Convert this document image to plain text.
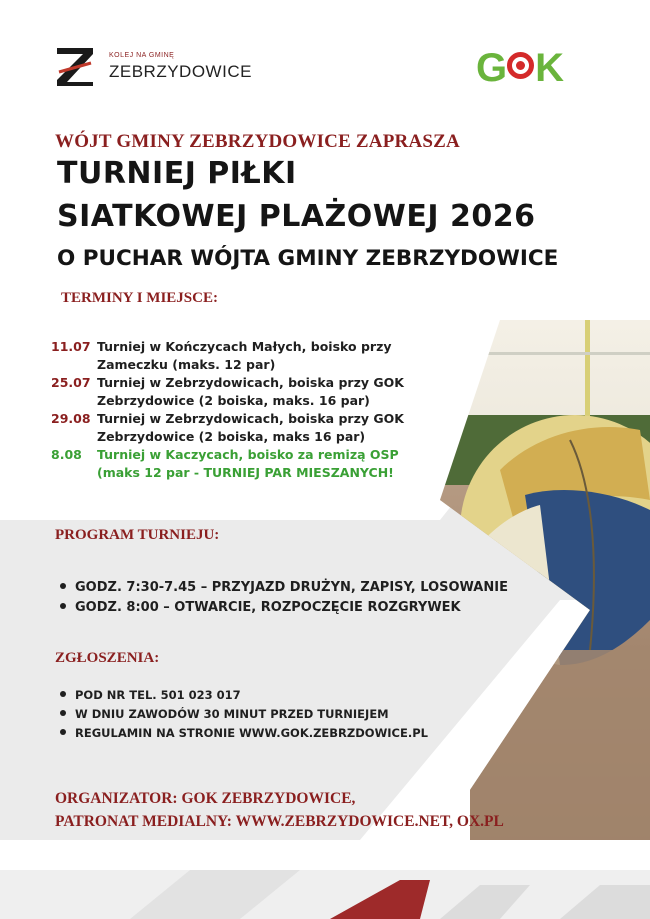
KOLEJ NA GMINĘ
ZEBRZYDOWICE	G K
WÓJT GMINY ZEBRZYDOWICE ZAPRASZA
TURNIEJ PIŁKI
SIATKOWEJ PLAŻOWEJ 2026
O PUCHAR WÓJTA GMINY ZEBRZYDOWICE
TERMINY I MIEJSCE:
11.07 Turniej w Kończycach Małych, boisko przy Zameczku (maks. 12 par)
25.07 Turniej w Zebrzydowicach, boiska przy GOK Zebrzydowice (2 boiska, maks. 16 par)
29.08 Turniej w Zebrzydowicach, boiska przy GOK Zebrzydowice (2 boiska, maks 16 par)
8.08 Turniej w Kaczycach, boisko za remizą OSP (maks 12 par - TURNIEJ PAR MIESZANYCH!
PROGRAM TURNIEJU:
GODZ. 7:30-7.45 – PRZYJAZD DRUŻYN, ZAPISY, LOSOWANIE
GODZ. 8:00 – OTWARCIE, ROZPOCZĘCIE ROZGRYWEK
ZGŁOSZENIA:
POD NR TEL. 501 023 017
W DNIU ZAWODÓW 30 MINUT PRZED TURNIEJEM
REGULAMIN NA STRONIE WWW.GOK.ZEBRZDOWICE.PL
ORGANIZATOR: GOK ZEBRZYDOWICE,
PATRONAT MEDIALNY: WWW.ZEBRZYDOWICE.NET, OX.PL
